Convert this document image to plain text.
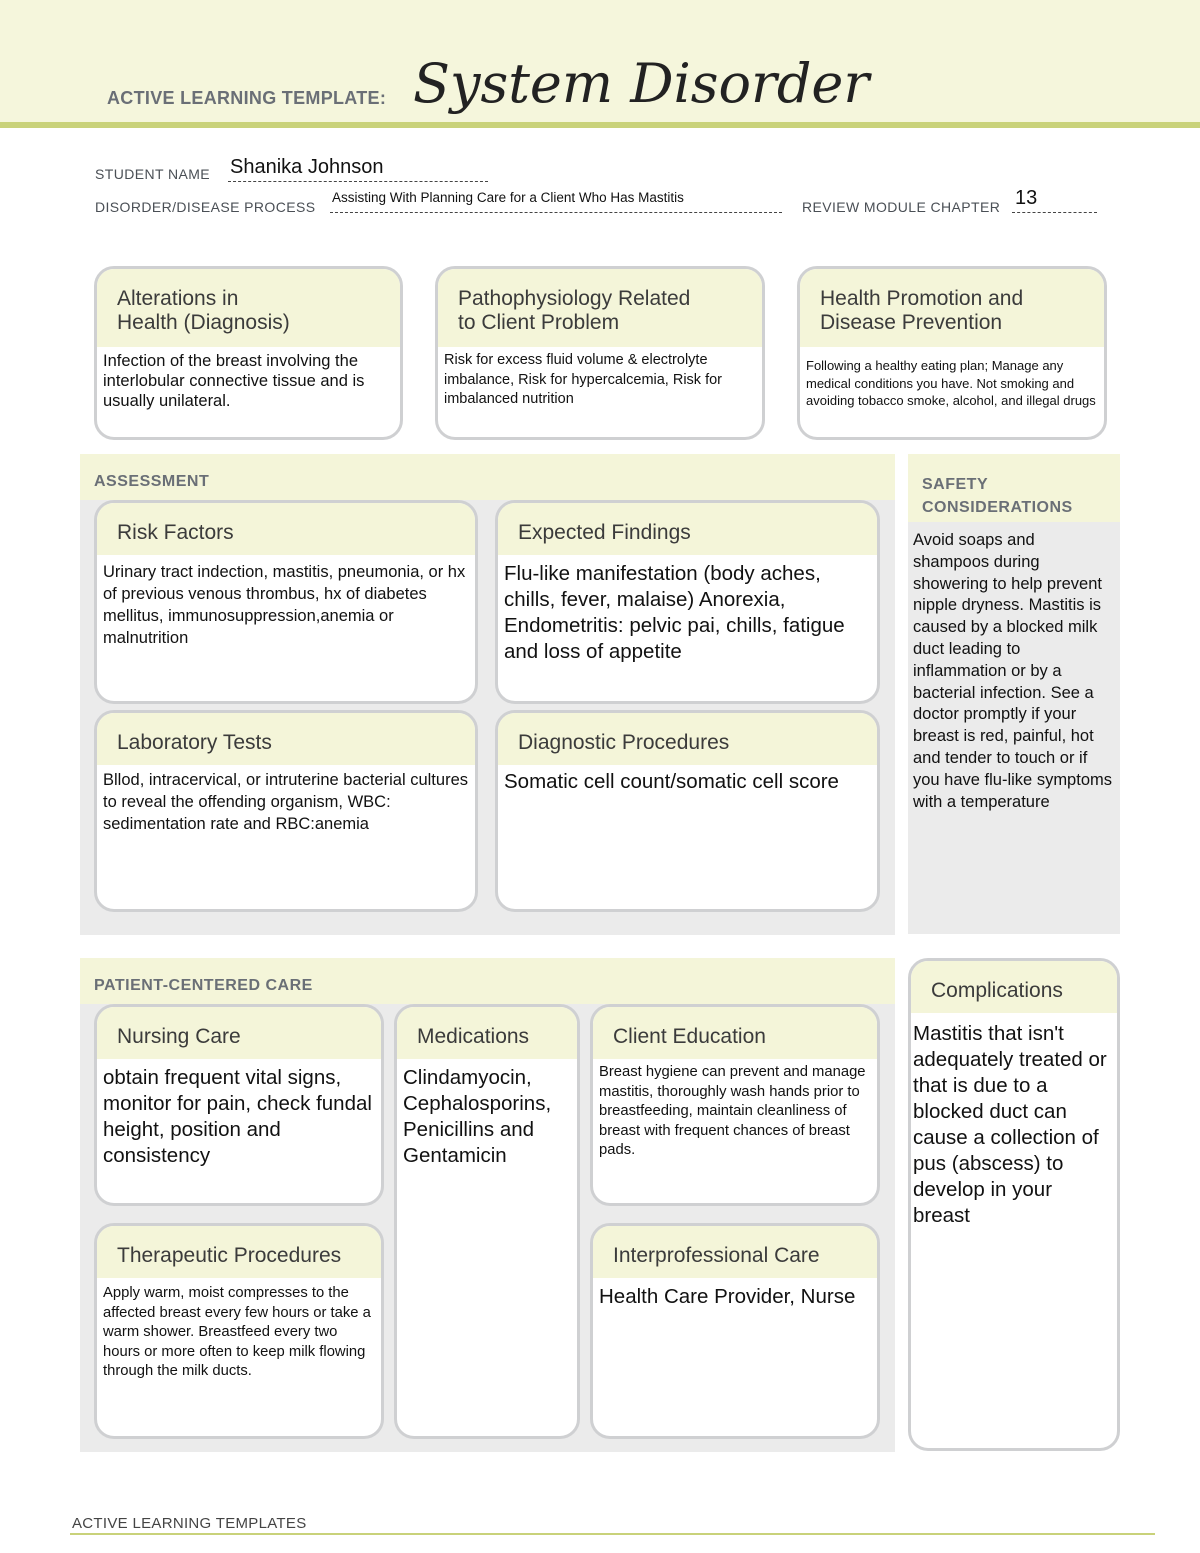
ACTIVE LEARNING TEMPLATE: System Disorder
STUDENT NAME Shanika Johnson
DISORDER/DISEASE PROCESS
Assisting With Planning Care for a Client Who Has Mastitis
REVIEW MODULE CHAPTER 13
Alterations in
Health (Diagnosis)
Infection of the breast involving the interlobular connective tissue and is usually unilateral.
Pathophysiology Related
to Client Problem
Risk for excess fluid volume & electrolyte imbalance, Risk for hypercalcemia, Risk for imbalanced nutrition
Health Promotion and
Disease Prevention
Following a healthy eating plan; Manage any medical conditions you have. Not smoking and avoiding tobacco smoke, alcohol, and illegal drugs
ASSESSMENT
Risk Factors
Urinary tract indection, mastitis, pneumonia, or hx of previous venous thrombus, hx of diabetes mellitus, immunosuppression,anemia or malnutrition
Expected Findings
Flu-like manifestation (body aches, chills, fever, malaise) Anorexia, Endometritis: pelvic pai, chills, fatigue and loss of appetite
Laboratory Tests
Bllod, intracervical, or intruterine bacterial cultures to reveal the offending organism, WBC: sedimentation rate and RBC:anemia
Diagnostic Procedures
Somatic cell count/somatic cell score
SAFETY
CONSIDERATIONS
Avoid soaps and shampoos during showering to help prevent nipple dryness. Mastitis is caused by a blocked milk duct leading to inflammation or by a bacterial infection. See a doctor promptly if your breast is red, painful, hot and tender to touch or if you have flu-like symptoms with a temperature
PATIENT-CENTERED CARE
Nursing Care
obtain frequent vital signs, monitor for pain, check fundal height, position and consistency
Medications
Clindamyocin, Cephalosporins, Penicillins and Gentamicin
Client Education
Breast hygiene can prevent and manage mastitis, thoroughly wash hands prior to breastfeeding, maintain cleanliness of breast with frequent chances of breast pads.
Therapeutic Procedures
Apply warm, moist compresses to the affected breast every few hours or take a warm shower. Breastfeed every two hours or more often to keep milk flowing through the milk ducts.
Interprofessional Care
Health Care Provider, Nurse
Complications
Mastitis that isn't adequately treated or that is due to a blocked duct can cause a collection of pus (abscess) to develop in your breast
ACTIVE LEARNING TEMPLATES
